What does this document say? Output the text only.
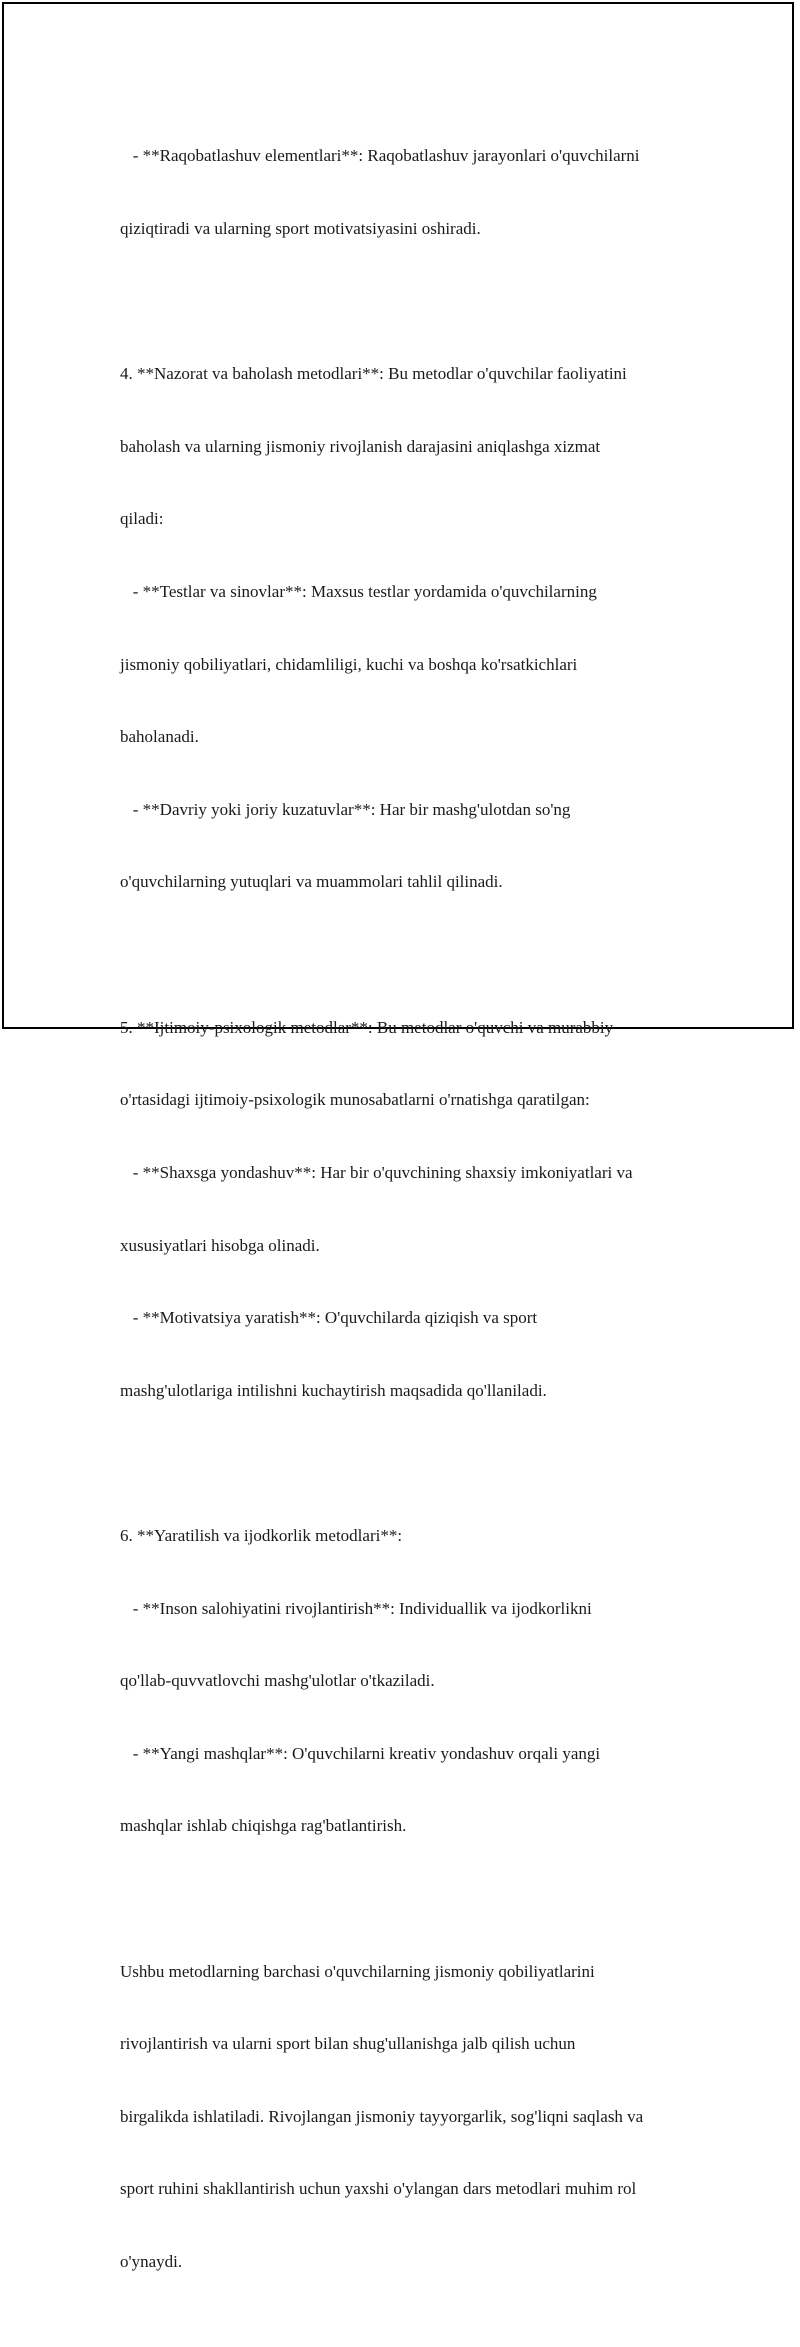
- **Raqobatlashuv elementlari**: Raqobatlashuv jarayonlari o'quvchilarni

qiziqtiradi va ularning sport motivatsiyasini oshiradi.

4. **Nazorat va baholash metodlari**: Bu metodlar o'quvchilar faoliyatini

baholash va ularning jismoniy rivojlanish darajasini aniqlashga xizmat

qiladi:

- **Testlar va sinovlar**: Maxsus testlar yordamida o'quvchilarning

jismoniy qobiliyatlari, chidamliligi, kuchi va boshqa ko'rsatkichlari

baholanadi.

- **Davriy yoki joriy kuzatuvlar**: Har bir mashg'ulotdan so'ng

o'quvchilarning yutuqlari va muammolari tahlil qilinadi.

5. **Ijtimoiy-psixologik metodlar**: Bu metodlar o'quvchi va murabbiy

o'rtasidagi ijtimoiy-psixologik munosabatlarni o'rnatishga qaratilgan:

- **Shaxsga yondashuv**: Har bir o'quvchining shaxsiy imkoniyatlari va

xususiyatlari hisobga olinadi.

- **Motivatsiya yaratish**: O'quvchilarda qiziqish va sport

mashg'ulotlariga intilishni kuchaytirish maqsadida qo'llaniladi.

6. **Yaratilish va ijodkorlik metodlari**:

- **Inson salohiyatini rivojlantirish**: Individuallik va ijodkorlikni

qo'llab-quvvatlovchi mashg'ulotlar o'tkaziladi.

- **Yangi mashqlar**: O'quvchilarni kreativ yondashuv orqali yangi

mashqlar ishlab chiqishga rag'batlantirish.

Ushbu metodlarning barchasi o'quvchilarning jismoniy qobiliyatlarini

rivojlantirish va ularni sport bilan shug'ullanishga jalb qilish uchun

birgalikda ishlatiladi. Rivojlangan jismoniy tayyorgarlik, sog'liqni saqlash va

sport ruhini shakllantirish uchun yaxshi o'ylangan dars metodlari muhim rol

o'ynaydi.
